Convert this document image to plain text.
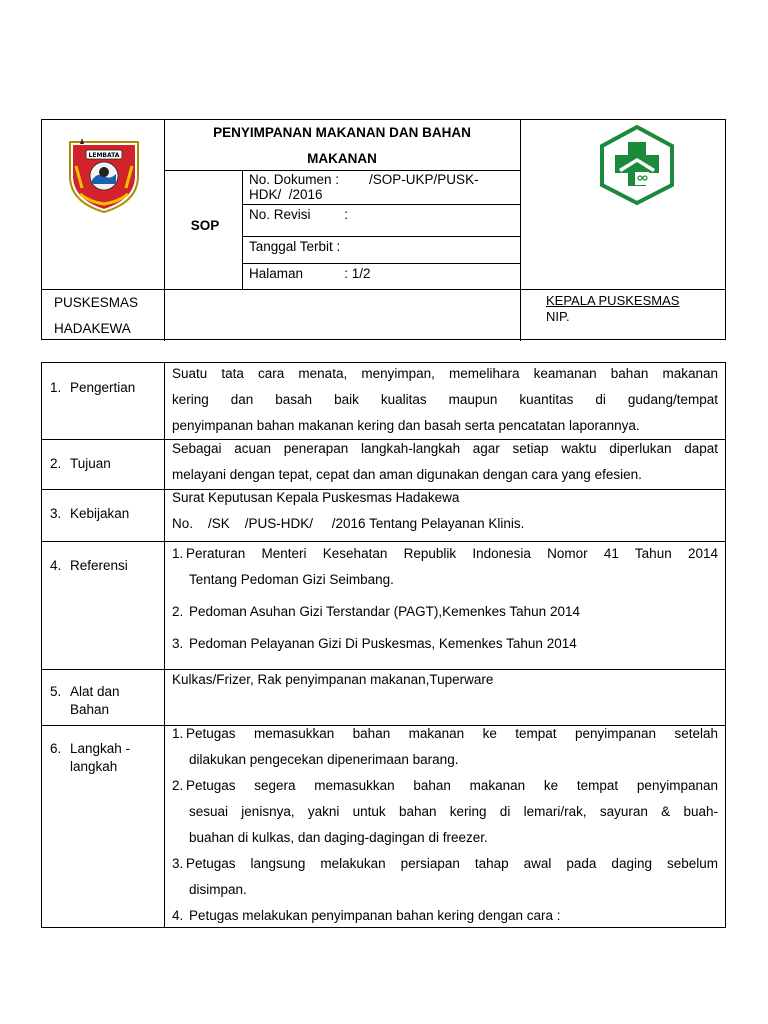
LEMBATA
PENYIMPANAN MAKANAN DAN BAHAN
MAKANAN
SOP
No. Dokumen :        /SOP-UKP/PUSK-
HDK/  /2016
No. Revisi         :
Tanggal Terbit :
Halaman           : 1/2
PUSKESMAS
HADAKEWA
KEPALA PUSKESMAS
NIP.
1. Pengertian
Suatu tata cara menata, menyimpan, memelihara keamanan bahan makanan
kering dan basah baik kualitas maupun kuantitas di gudang/tempat
penyimpanan bahan makanan kering dan basah serta pencatatan laporannya.
2. Tujuan
Sebagai acuan penerapan langkah-langkah agar setiap waktu diperlukan dapat
melayani dengan tepat, cepat dan aman digunakan dengan cara yang efesien.
3. Kebijakan
Surat Keputusan Kepala Puskesmas Hadakewa
No.    /SK    /PUS-HDK/     /2016 Tentang Pelayanan Klinis.
4. Referensi
1. Peraturan Menteri Kesehatan Republik Indonesia Nomor 41 Tahun 2014
Tentang Pedoman Gizi Seimbang.
2. Pedoman Asuhan Gizi Terstandar (PAGT),Kemenkes Tahun 2014
3. Pedoman Pelayanan Gizi Di Puskesmas, Kemenkes Tahun 2014
5. Alat dan
Bahan
Kulkas/Frizer, Rak penyimpanan makanan,Tuperware
6. Langkah -
langkah
1. Petugas memasukkan bahan makanan ke tempat penyimpanan setelah
dilakukan pengecekan dipenerimaan barang.
2. Petugas segera memasukkan bahan makanan ke tempat penyimpanan
sesuai jenisnya, yakni untuk bahan kering di lemari/rak, sayuran & buah-
buahan di kulkas, dan daging-dagingan di freezer.
3. Petugas langsung melakukan persiapan tahap awal pada daging sebelum
disimpan.
4. Petugas melakukan penyimpanan bahan kering dengan cara :
